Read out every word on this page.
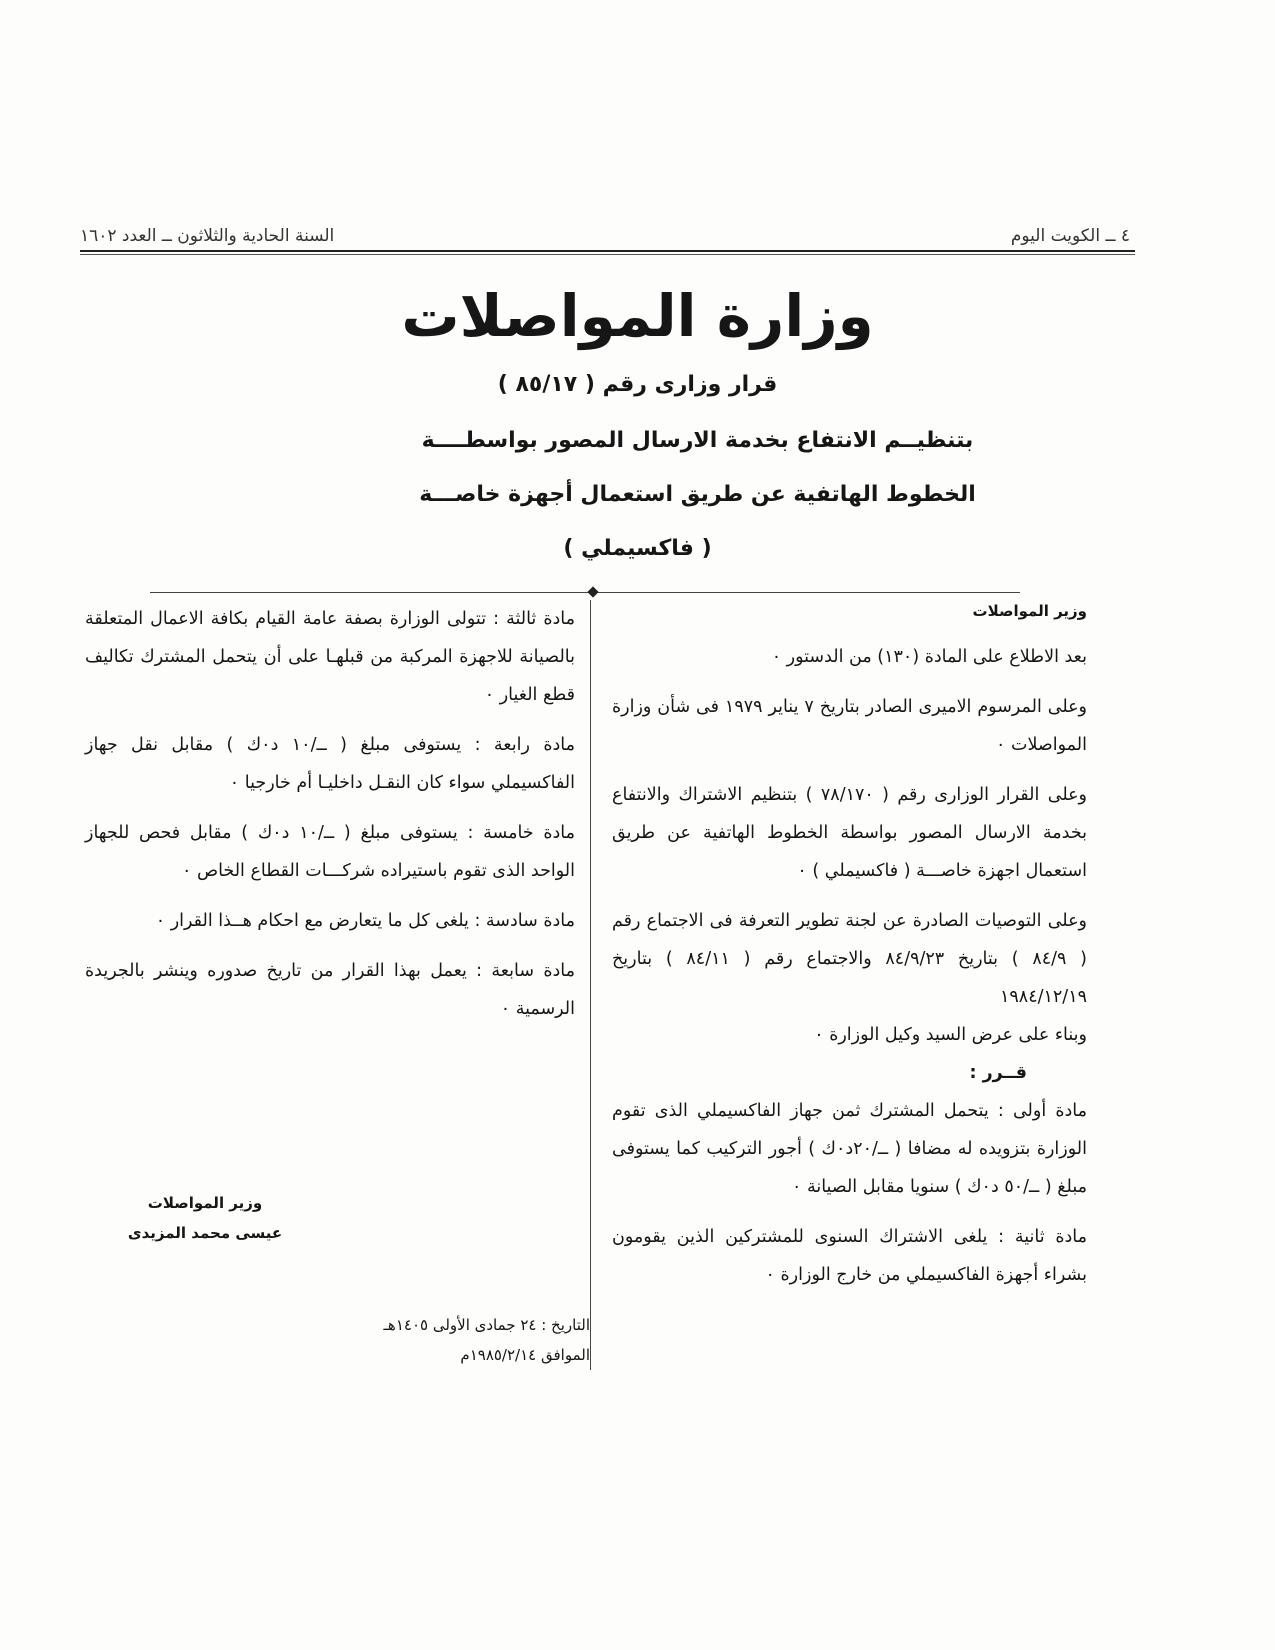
٤ ــ الكويت اليوم
السنة الحادية والثلاثون ــ العدد ١٦٠٢
وزارة المواصلات
قرار وزارى رقم ( ٨٥/١٧ )
بتنظيــم الانتفاع بخدمة الارسال المصور بواسطــــة
الخطوط الهاتفية عن طريق استعمال أجهزة خاصـــة
( فاكسيملي )

وزير المواصلات

بعد الاطلاع على المادة (١٣٠) من الدستور ٠

وعلى المرسوم الاميرى الصادر بتاريخ ٧ يناير ١٩٧٩ فى شأن وزارة المواصلات ٠

وعلى القرار الوزارى رقم ( ٧٨/١٧٠ ) بتنظيم الاشتراك والانتفاع بخدمة الارسال المصور بواسطة الخطوط الهاتفية عن طريق استعمال اجهزة خاصـــة ( فاكسيملي ) ٠

وعلى التوصيات الصادرة عن لجنة تطوير التعرفة فى الاجتماع رقم ( ٨٤/٩ ) بتاريخ ٨٤/٩/٢٣ والاجتماع رقم ( ٨٤/١١ ) بتاريخ ١٩٨٤/١٢/١٩

وبناء على عرض السيد وكيل الوزارة ٠

قــرر :

مادة أولى : يتحمل المشترك ثمن جهاز الفاكسيملي الذى تقوم الوزارة بتزويده له مضافا ( ــ/٢٠د٠ك ) أجور التركيب كما يستوفى مبلغ ( ــ/٥٠ د٠ك ) سنويا مقابل الصيانة ٠

مادة ثانية : يلغى الاشتراك السنوى للمشتركين الذين يقومون بشراء أجهزة الفاكسيملي من خارج الوزارة ٠

مادة ثالثة : تتولى الوزارة بصفة عامة القيام بكافة الاعمال المتعلقة بالصيانة للاجهزة المركبة من قبلهـا على أن يتحمل المشترك تكاليف قطع الغيار ٠

مادة رابعة : يستوفى مبلغ ( ــ/١٠ د٠ك ) مقابل نقل جهاز الفاكسيملي سواء كان النقـل داخليـا أم خارجيا ٠

مادة خامسة : يستوفى مبلغ ( ــ/١٠ د٠ك ) مقابل فحص للجهاز الواحد الذى تقوم باستيراده شركـــات القطاع الخاص ٠

مادة سادسة : يلغى كل ما يتعارض مع احكام هــذا القرار ٠

مادة سابعة : يعمل بهذا القرار من تاريخ صدوره وينشر بالجريدة الرسمية ٠

وزير المواصلات
عيسى محمد المزيدى
التاريخ : ٢٤ جمادى الأولى ١٤٠٥هـ
الموافق ١٩٨٥/٢/١٤م
